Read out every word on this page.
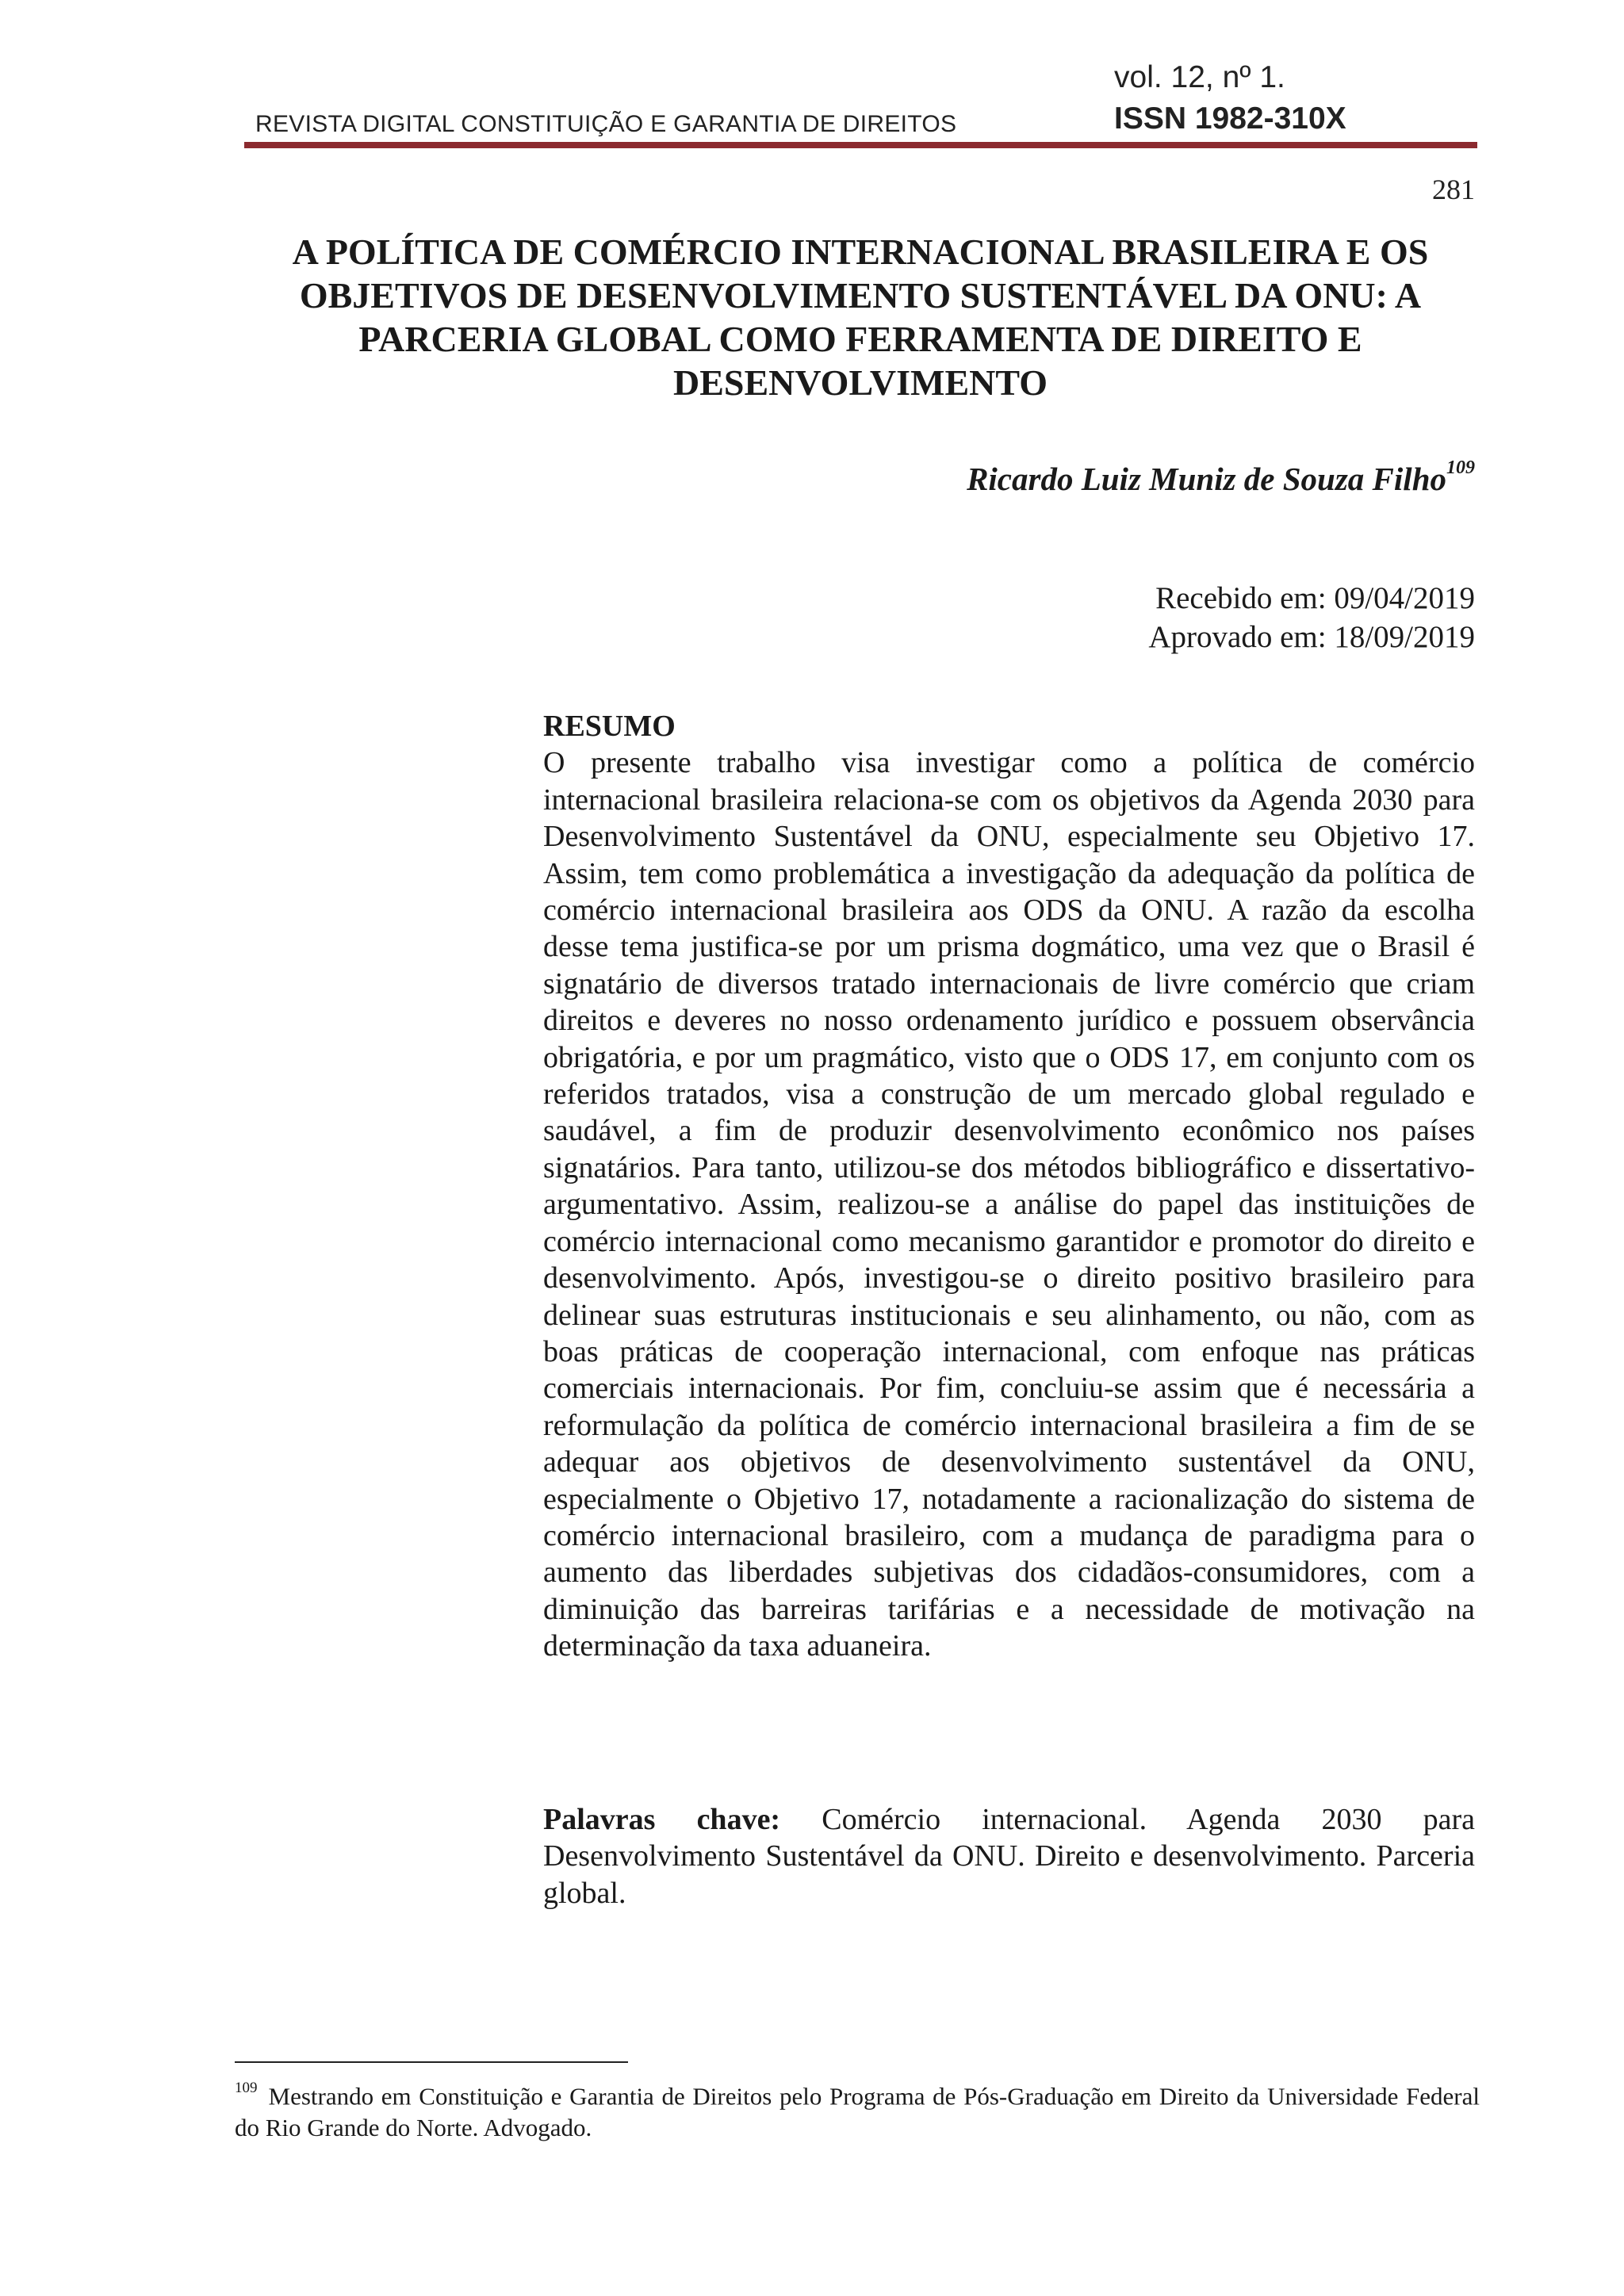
REVISTA DIGITAL CONSTITUIÇÃO E GARANTIA DE DIREITOS
vol. 12, nº 1.
ISSN 1982-310X
281
A POLÍTICA DE COMÉRCIO INTERNACIONAL BRASILEIRA E OS OBJETIVOS DE DESENVOLVIMENTO SUSTENTÁVEL DA ONU: A PARCERIA GLOBAL COMO FERRAMENTA DE DIREITO E DESENVOLVIMENTO
Ricardo Luiz Muniz de Souza Filho$^{109}$
Recebido em: 09/04/2019
Aprovado em: 18/09/2019

RESUMO

O presente trabalho visa investigar como a política de comércio internacional brasileira relaciona-se com os objetivos da Agenda 2030 para Desenvolvimento Sustentável da ONU, especialmente seu Objetivo 17. Assim, tem como problemática a investigação da adequação da política de comércio internacional brasileira aos ODS da ONU. A razão da escolha desse tema justifica-se por um prisma dogmático, uma vez que o Brasil é signatário de diversos tratado internacionais de livre comércio que criam direitos e deveres no nosso ordenamento jurídico e possuem observância obrigatória, e por um pragmático, visto que o ODS 17, em conjunto com os referidos tratados, visa a construção de um mercado global regulado e saudável, a fim de produzir desenvolvimento econômico nos países signatários. Para tanto, utilizou-se dos métodos bibliográfico e dissertativo-argumentativo. Assim, realizou-se a análise do papel das instituições de comércio internacional como mecanismo garantidor e promotor do direito e desenvolvimento. Após, investigou-se o direito positivo brasileiro para delinear suas estruturas institucionais e seu alinhamento, ou não, com as boas práticas de cooperação internacional, com enfoque nas práticas comerciais internacionais. Por fim, concluiu-se assim que é necessária a reformulação da política de comércio internacional brasileira a fim de se adequar aos objetivos de desenvolvimento sustentável da ONU, especialmente o Objetivo 17, notadamente a racionalização do sistema de comércio internacional brasileiro, com a mudança de paradigma para o aumento das liberdades subjetivas dos cidadãos-consumidores, com a diminuição das barreiras tarifárias e a necessidade de motivação na determinação da taxa aduaneira.

Palavras chave: Comércio internacional. Agenda 2030 para Desenvolvimento Sustentável da ONU. Direito e desenvolvimento. Parceria global.

$^{109}$ Mestrando em Constituição e Garantia de Direitos pelo Programa de Pós-Graduação em Direito da Universidade Federal do Rio Grande do Norte. Advogado.
